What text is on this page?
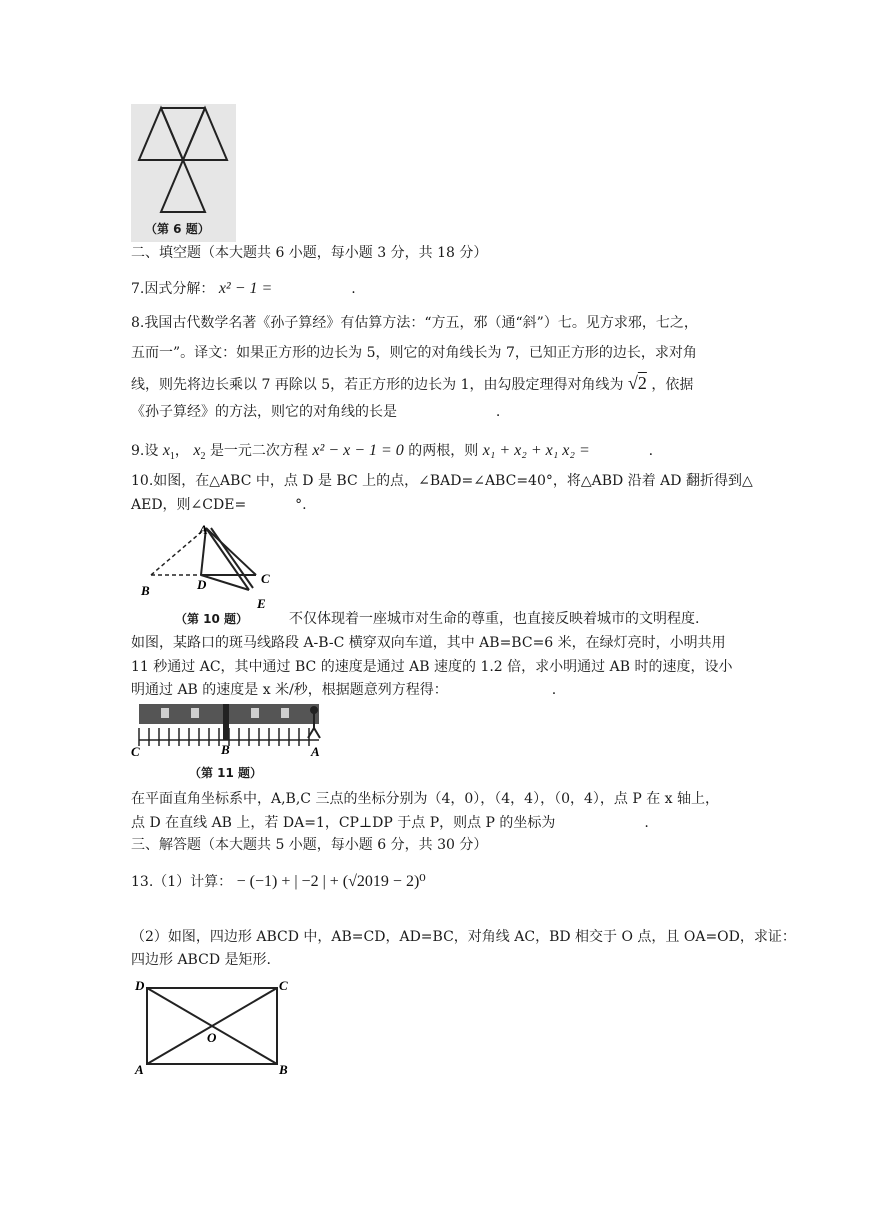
（第 6 题）
二、填空题（本大题共 6 小题，每小题 3 分，共 18 分）
7.因式分解： x² − 1 =	.
8.我国古代数学名著《孙子算经》有估算方法：“方五，邪（通“斜”）七。见方求邪，七之，
五而一”。译文：如果正方形的边长为 5，则它的对角线长为 7，已知正方形的边长，求对角
线，则先将边长乘以 7 再除以 5，若正方形的边长为 1，由勾股定理得对角线为 √2 ，依据
《孙子算经》的方法，则它的对角线的长是	.
9.设 $x_1$， $x_2$ 是一元二次方程 x² − x − 1 = 0 的两根，则 x₁ + x₂ + x₁ x₂ =	.
10.如图，在△ABC 中，点 D 是 BC 上的点，∠BAD=∠ABC=40°，将△ABD 沿着 AD 翻折得到△
AED，则∠CDE=	°.
A
B	D	C
E
（第 10 题）	不仅体现着一座城市对生命的尊重，也直接反映着城市的文明程度.
如图，某路口的斑马线路段 A-B-C 横穿双向车道，其中 AB=BC=6 米，在绿灯亮时，小明共用
11 秒通过 AC，其中通过 BC 的速度是通过 AB 速度的 1.2 倍，求小明通过 AB 时的速度，设小
明通过 AB 的速度是 x 米/秒，根据题意列方程得：	.
C	B	A
（第 11 题）
在平面直角坐标系中，A,B,C 三点的坐标分别为（4，0），（4，4），（0，4），点 P 在 x 轴上，
点 D 在直线 AB 上，若 DA=1，CP⊥DP 于点 P，则点 P 的坐标为	.
三、解答题（本大题共 5 小题，每小题 6 分，共 30 分）
13.（1）计算： − (−1) + | −2 | + (√2019 − 2)⁰
（2）如图，四边形 ABCD 中，AB=CD，AD=BC，对角线 AC，BD 相交于 O 点，且 OA=OD，求证：
四边形 ABCD 是矩形.
D	C
O
A	B
